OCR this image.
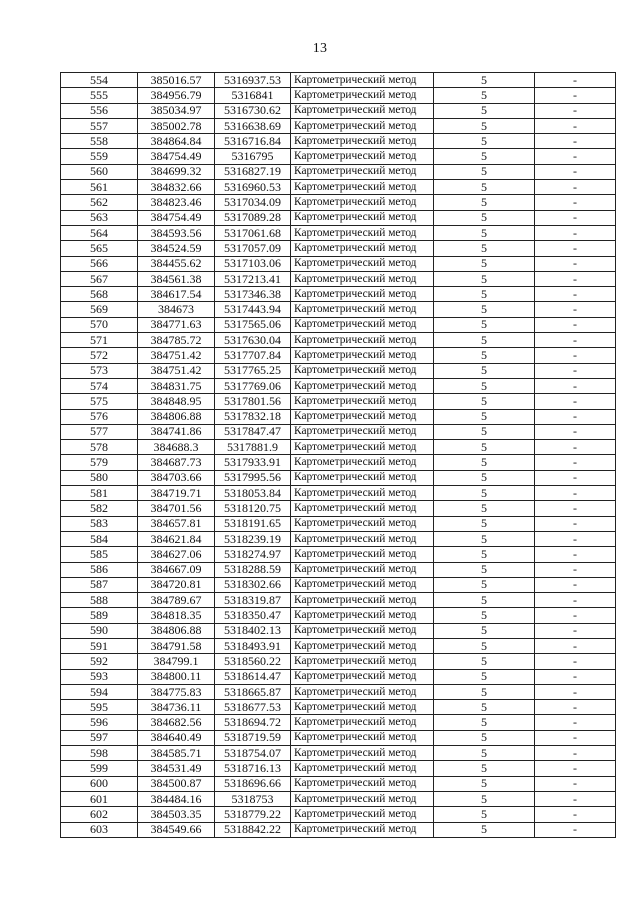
13
554	385016.57	5316937.53	Картометрический метод	5	-
555	384956.79	5316841	Картометрический метод	5	-
556	385034.97	5316730.62	Картометрический метод	5	-
557	385002.78	5316638.69	Картометрический метод	5	-
558	384864.84	5316716.84	Картометрический метод	5	-
559	384754.49	5316795	Картометрический метод	5	-
560	384699.32	5316827.19	Картометрический метод	5	-
561	384832.66	5316960.53	Картометрический метод	5	-
562	384823.46	5317034.09	Картометрический метод	5	-
563	384754.49	5317089.28	Картометрический метод	5	-
564	384593.56	5317061.68	Картометрический метод	5	-
565	384524.59	5317057.09	Картометрический метод	5	-
566	384455.62	5317103.06	Картометрический метод	5	-
567	384561.38	5317213.41	Картометрический метод	5	-
568	384617.54	5317346.38	Картометрический метод	5	-
569	384673	5317443.94	Картометрический метод	5	-
570	384771.63	5317565.06	Картометрический метод	5	-
571	384785.72	5317630.04	Картометрический метод	5	-
572	384751.42	5317707.84	Картометрический метод	5	-
573	384751.42	5317765.25	Картометрический метод	5	-
574	384831.75	5317769.06	Картометрический метод	5	-
575	384848.95	5317801.56	Картометрический метод	5	-
576	384806.88	5317832.18	Картометрический метод	5	-
577	384741.86	5317847.47	Картометрический метод	5	-
578	384688.3	5317881.9	Картометрический метод	5	-
579	384687.73	5317933.91	Картометрический метод	5	-
580	384703.66	5317995.56	Картометрический метод	5	-
581	384719.71	5318053.84	Картометрический метод	5	-
582	384701.56	5318120.75	Картометрический метод	5	-
583	384657.81	5318191.65	Картометрический метод	5	-
584	384621.84	5318239.19	Картометрический метод	5	-
585	384627.06	5318274.97	Картометрический метод	5	-
586	384667.09	5318288.59	Картометрический метод	5	-
587	384720.81	5318302.66	Картометрический метод	5	-
588	384789.67	5318319.87	Картометрический метод	5	-
589	384818.35	5318350.47	Картометрический метод	5	-
590	384806.88	5318402.13	Картометрический метод	5	-
591	384791.58	5318493.91	Картометрический метод	5	-
592	384799.1	5318560.22	Картометрический метод	5	-
593	384800.11	5318614.47	Картометрический метод	5	-
594	384775.83	5318665.87	Картометрический метод	5	-
595	384736.11	5318677.53	Картометрический метод	5	-
596	384682.56	5318694.72	Картометрический метод	5	-
597	384640.49	5318719.59	Картометрический метод	5	-
598	384585.71	5318754.07	Картометрический метод	5	-
599	384531.49	5318716.13	Картометрический метод	5	-
600	384500.87	5318696.66	Картометрический метод	5	-
601	384484.16	5318753	Картометрический метод	5	-
602	384503.35	5318779.22	Картометрический метод	5	-
603	384549.66	5318842.22	Картометрический метод	5	-
